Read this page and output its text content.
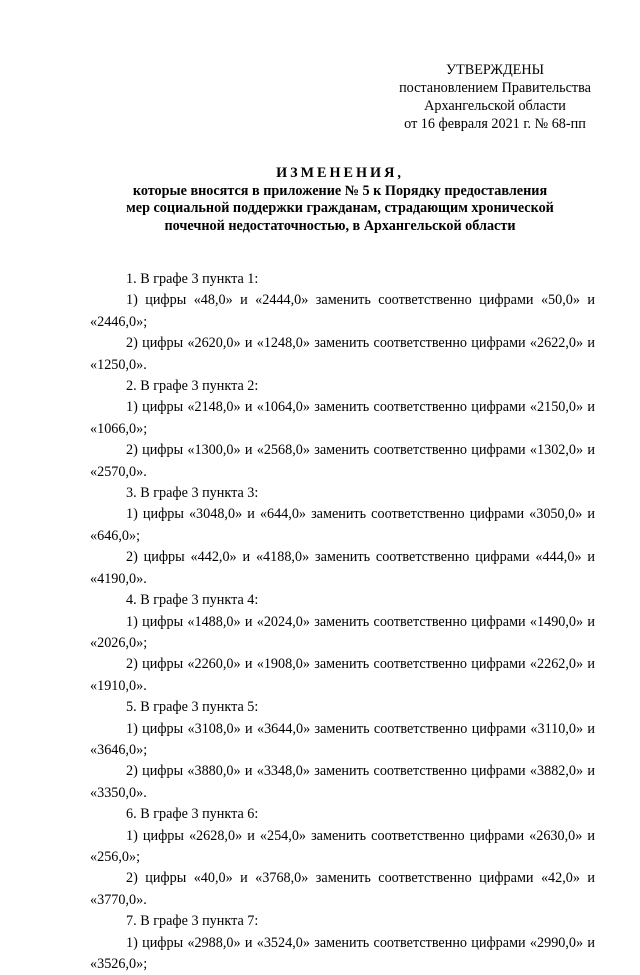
УТВЕРЖДЕНЫ
постановлением Правительства
Архангельской области
от 16 февраля 2021 г. № 68-пп
ИЗМЕНЕНИЯ,
которые вносятся в приложение № 5 к Порядку предоставления
мер социальной поддержки гражданам, страдающим хронической
почечной недостаточностью, в Архангельской области

1. В графе 3 пункта 1:

1) цифры «48,0» и «2444,0» заменить соответственно цифрами «50,0» и «2446,0»;

2) цифры «2620,0» и «1248,0» заменить соответственно цифрами «2622,0» и «1250,0».

2. В графе 3 пункта 2:

1) цифры «2148,0» и «1064,0» заменить соответственно цифрами «2150,0» и «1066,0»;

2) цифры «1300,0» и «2568,0» заменить соответственно цифрами «1302,0» и «2570,0».

3. В графе 3 пункта 3:

1) цифры «3048,0» и «644,0» заменить соответственно цифрами «3050,0» и «646,0»;

2) цифры «442,0» и «4188,0» заменить соответственно цифрами «444,0» и «4190,0».

4. В графе 3 пункта 4:

1) цифры «1488,0» и «2024,0» заменить соответственно цифрами «1490,0» и «2026,0»;

2) цифры «2260,0» и «1908,0» заменить соответственно цифрами «2262,0» и «1910,0».

5. В графе 3 пункта 5:

1) цифры «3108,0» и «3644,0» заменить соответственно цифрами «3110,0» и «3646,0»;

2) цифры «3880,0» и «3348,0» заменить соответственно цифрами «3882,0» и «3350,0».

6. В графе 3 пункта 6:

1) цифры «2628,0» и «254,0» заменить соответственно цифрами «2630,0» и «256,0»;

2) цифры «40,0» и «3768,0» заменить соответственно цифрами «42,0» и «3770,0».

7. В графе 3 пункта 7:

1) цифры «2988,0» и «3524,0» заменить соответственно цифрами «2990,0» и «3526,0»;
